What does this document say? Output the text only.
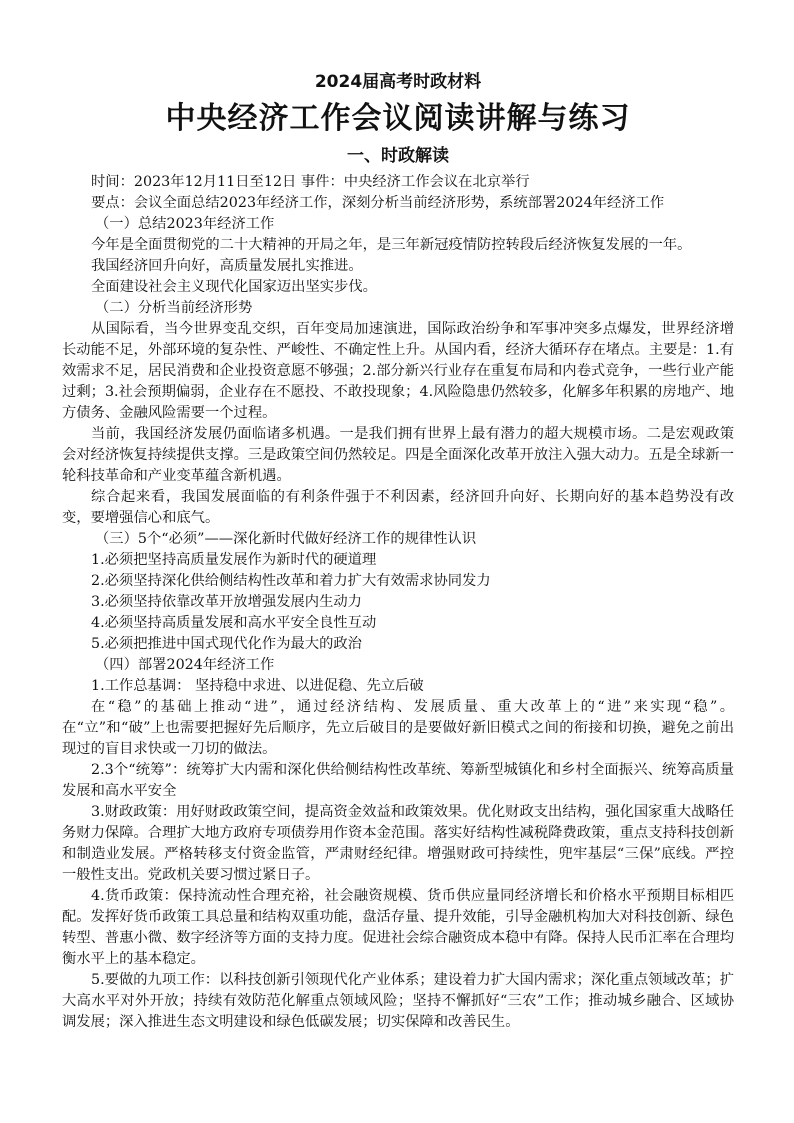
2024届高考时政材料
中央经济工作会议阅读讲解与练习
一、时政解读

时间：2023年12月11日至12日 事件：中央经济工作会议在北京举行

要点：会议全面总结2023年经济工作，深刻分析当前经济形势，系统部署2024年经济工作

（一）总结2023年经济工作

今年是全面贯彻党的二十大精神的开局之年，是三年新冠疫情防控转段后经济恢复发展的一年。

我国经济回升向好，高质量发展扎实推进。

全面建设社会主义现代化国家迈出坚实步伐。

（二）分析当前经济形势

从国际看，当今世界变乱交织，百年变局加速演进，国际政治纷争和军事冲突多点爆发，世界经济增长动能不足，外部环境的复杂性、严峻性、不确定性上升。从国内看，经济大循环存在堵点。主要是：1.有效需求不足，居民消费和企业投资意愿不够强；2.部分新兴行业存在重复布局和内卷式竞争，一些行业产能过剩；3.社会预期偏弱，企业存在不愿投、不敢投现象；4.风险隐患仍然较多，化解多年积累的房地产、地方债务、金融风险需要一个过程。

当前，我国经济发展仍面临诸多机遇。一是我们拥有世界上最有潜力的超大规模市场。二是宏观政策会对经济恢复持续提供支撑。三是政策空间仍然较足。四是全面深化改革开放注入强大动力。五是全球新一轮科技革命和产业变革蕴含新机遇。

综合起来看，我国发展面临的有利条件强于不利因素，经济回升向好、长期向好的基本趋势没有改变，要增强信心和底气。

（三）5个“必须”——深化新时代做好经济工作的规律性认识

1.必须把坚持高质量发展作为新时代的硬道理

2.必须坚持深化供给侧结构性改革和着力扩大有效需求协同发力

3.必须坚持依靠改革开放增强发展内生动力

4.必须坚持高质量发展和高水平安全良性互动

5.必须把推进中国式现代化作为最大的政治

（四）部署2024年经济工作

1.工作总基调： 坚持稳中求进、以进促稳、先立后破

在“稳”的基础上推动“进”，通过经济结构、发展质量、重大改革上的“进”来实现“稳”。在“立”和“破”上也需要把握好先后顺序，先立后破目的是要做好新旧模式之间的衔接和切换，避免之前出现过的盲目求快或一刀切的做法。

2.3个“统筹”：统筹扩大内需和深化供给侧结构性改革统、筹新型城镇化和乡村全面振兴、统筹高质量发展和高水平安全

3.财政政策：用好财政政策空间，提高资金效益和政策效果。优化财政支出结构，强化国家重大战略任务财力保障。合理扩大地方政府专项债券用作资本金范围。落实好结构性减税降费政策，重点支持科技创新和制造业发展。严格转移支付资金监管，严肃财经纪律。增强财政可持续性，兜牢基层“三保”底线。严控一般性支出。党政机关要习惯过紧日子。

4.货币政策：保持流动性合理充裕，社会融资规模、货币供应量同经济增长和价格水平预期目标相匹配。发挥好货币政策工具总量和结构双重功能，盘活存量、提升效能，引导金融机构加大对科技创新、绿色转型、普惠小微、数字经济等方面的支持力度。促进社会综合融资成本稳中有降。保持人民币汇率在合理均衡水平上的基本稳定。

5.要做的九项工作：以科技创新引领现代化产业体系；建设着力扩大国内需求；深化重点领域改革；扩大高水平对外开放；持续有效防范化解重点领域风险；坚持不懈抓好“三农”工作；推动城乡融合、区域协调发展；深入推进生态文明建设和绿色低碳发展；切实保障和改善民生。
